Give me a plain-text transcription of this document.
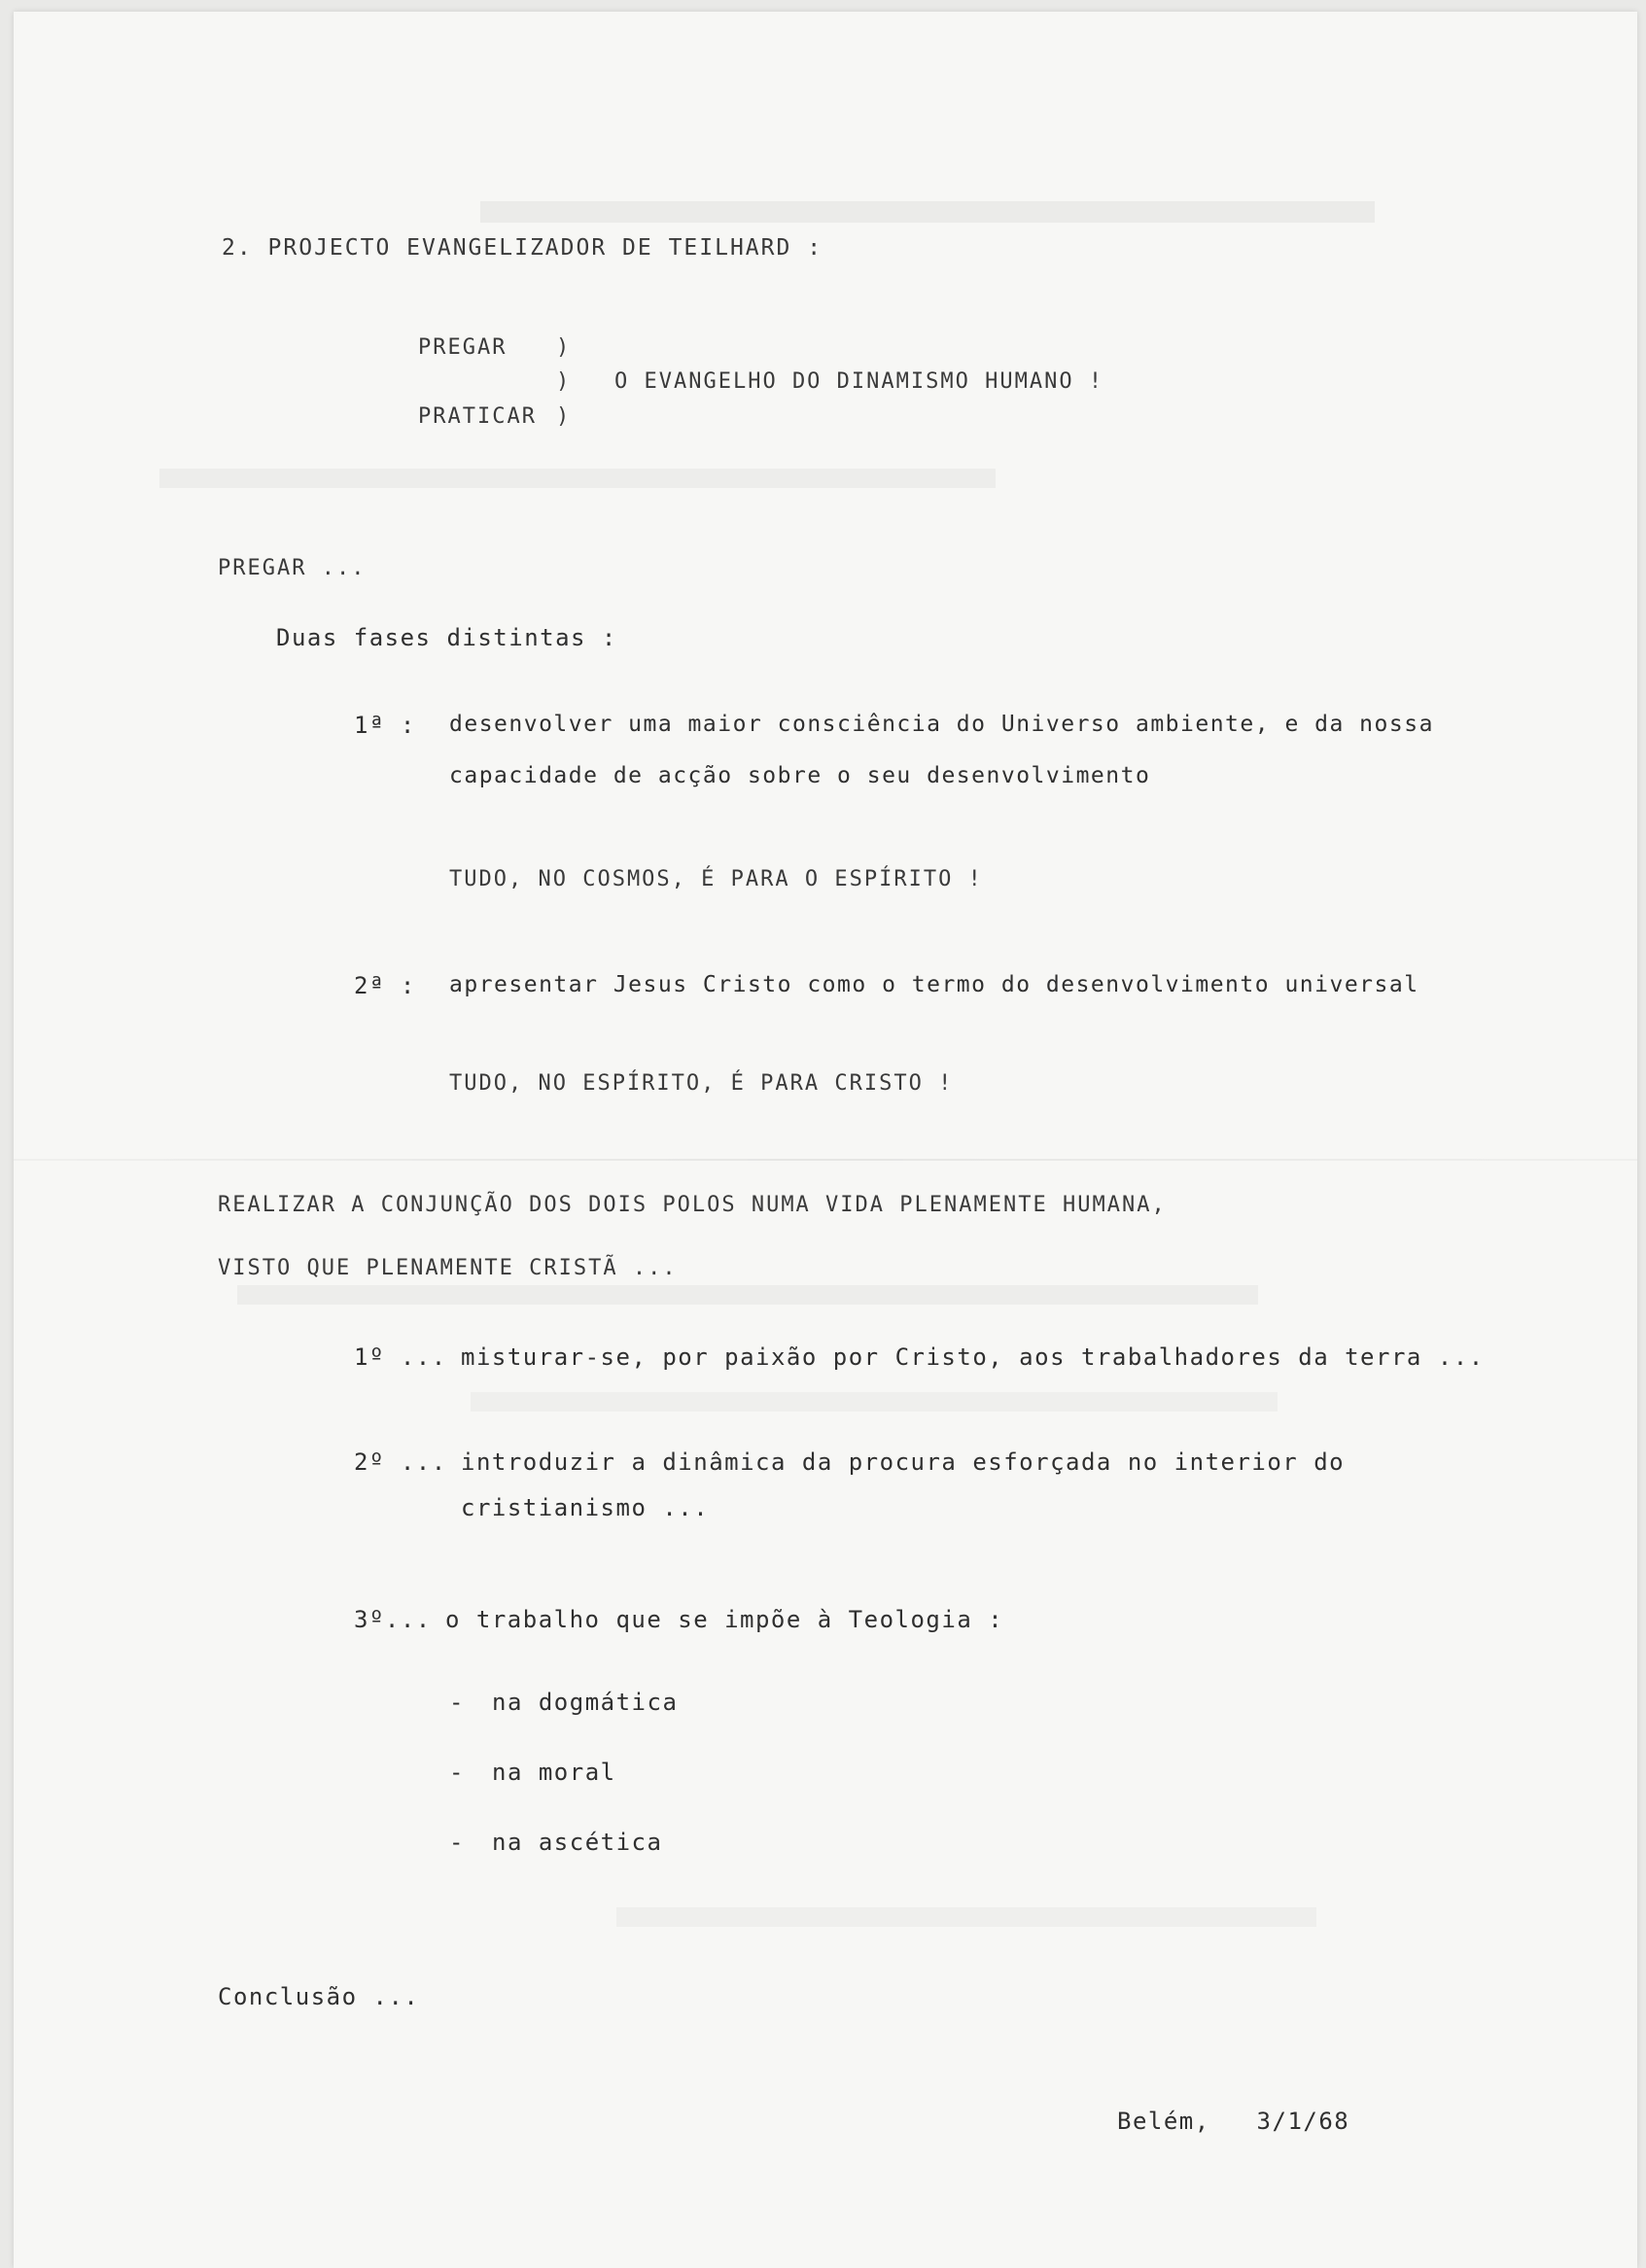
2. PROJECTO EVANGELIZADOR DE TEILHARD :
PREGAR )
) O EVANGELHO DO DINAMISMO HUMANO !
PRATICAR )
PREGAR ...
Duas fases distintas :
1ª : desenvolver uma maior consciência do Universo ambiente, e da nossa
capacidade de acção sobre o seu desenvolvimento
TUDO, NO COSMOS, É PARA O ESPÍRITO !
2ª : apresentar Jesus Cristo como o termo do desenvolvimento universal
TUDO, NO ESPÍRITO, É PARA CRISTO !
REALIZAR A CONJUNÇÃO DOS DOIS POLOS NUMA VIDA PLENAMENTE HUMANA,
VISTO QUE PLENAMENTE CRISTÃ ...
1º ... misturar-se, por paixão por Cristo, aos trabalhadores da terra ...
2º ... introduzir a dinâmica da procura esforçada no interior do
cristianismo ...
3º... o trabalho que se impõe à Teologia :
- na dogmática
- na moral
- na ascética
Conclusão ...
Belém,   3/1/68
